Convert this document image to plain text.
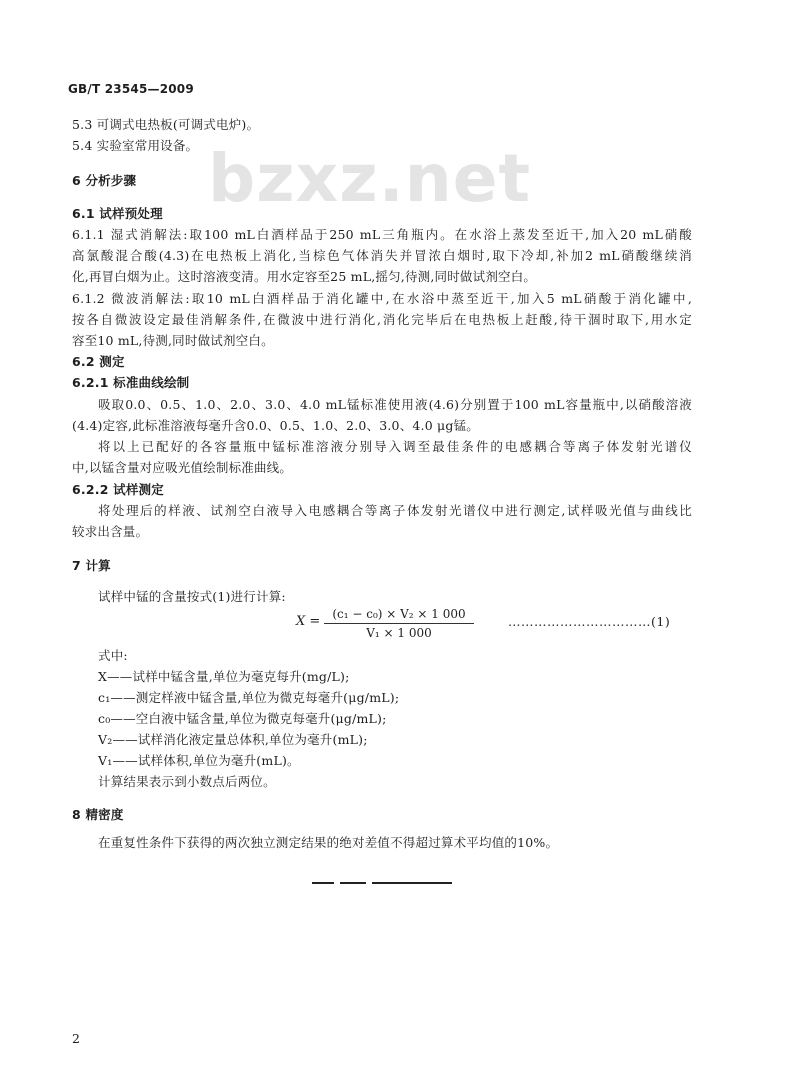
GB/T 23545—2009
bzxz.net
5.3 可调式电热板(可调式电炉)。
5.4 实验室常用设备。
6 分析步骤
6.1 试样预处理
6.1.1 湿式消解法:取100 mL白酒样品于250 mL三角瓶内。在水浴上蒸发至近干,加入20 mL硝酸
高氯酸混合酸(4.3)在电热板上消化,当棕色气体消失并冒浓白烟时,取下冷却,补加2 mL硝酸继续消
化,再冒白烟为止。这时溶液变清。用水定容至25 mL,摇匀,待测,同时做试剂空白。
6.1.2 微波消解法:取10 mL白酒样品于消化罐中,在水浴中蒸至近干,加入5 mL硝酸于消化罐中,
按各自微波设定最佳消解条件,在微波中进行消化,消化完毕后在电热板上赶酸,待干涸时取下,用水定
容至10 mL,待测,同时做试剂空白。
6.2 测定
6.2.1 标准曲线绘制
吸取0.0、0.5、1.0、2.0、3.0、4.0 mL锰标准使用液(4.6)分别置于100 mL容量瓶中,以硝酸溶液
(4.4)定容,此标准溶液每毫升含0.0、0.5、1.0、2.0、3.0、4.0 μg锰。
将以上已配好的各容量瓶中锰标准溶液分别导入调至最佳条件的电感耦合等离子体发射光谱仪
中,以锰含量对应吸光值绘制标准曲线。
6.2.2 试样测定
将处理后的样液、试剂空白液导入电感耦合等离子体发射光谱仪中进行测定,试样吸光值与曲线比
较求出含量。
7 计算
试样中锰的含量按式(1)进行计算:
X =	(c₁ − c₀) × V₂ × 1 000
V₁ × 1 000
……………………………(1)
式中:
X——试样中锰含量,单位为毫克每升(mg/L);
c₁——测定样液中锰含量,单位为微克每毫升(μg/mL);
c₀——空白液中锰含量,单位为微克每毫升(μg/mL);
V₂——试样消化液定量总体积,单位为毫升(mL);
V₁——试样体积,单位为毫升(mL)。
计算结果表示到小数点后两位。
8 精密度
在重复性条件下获得的两次独立测定结果的绝对差值不得超过算术平均值的10%。
2
